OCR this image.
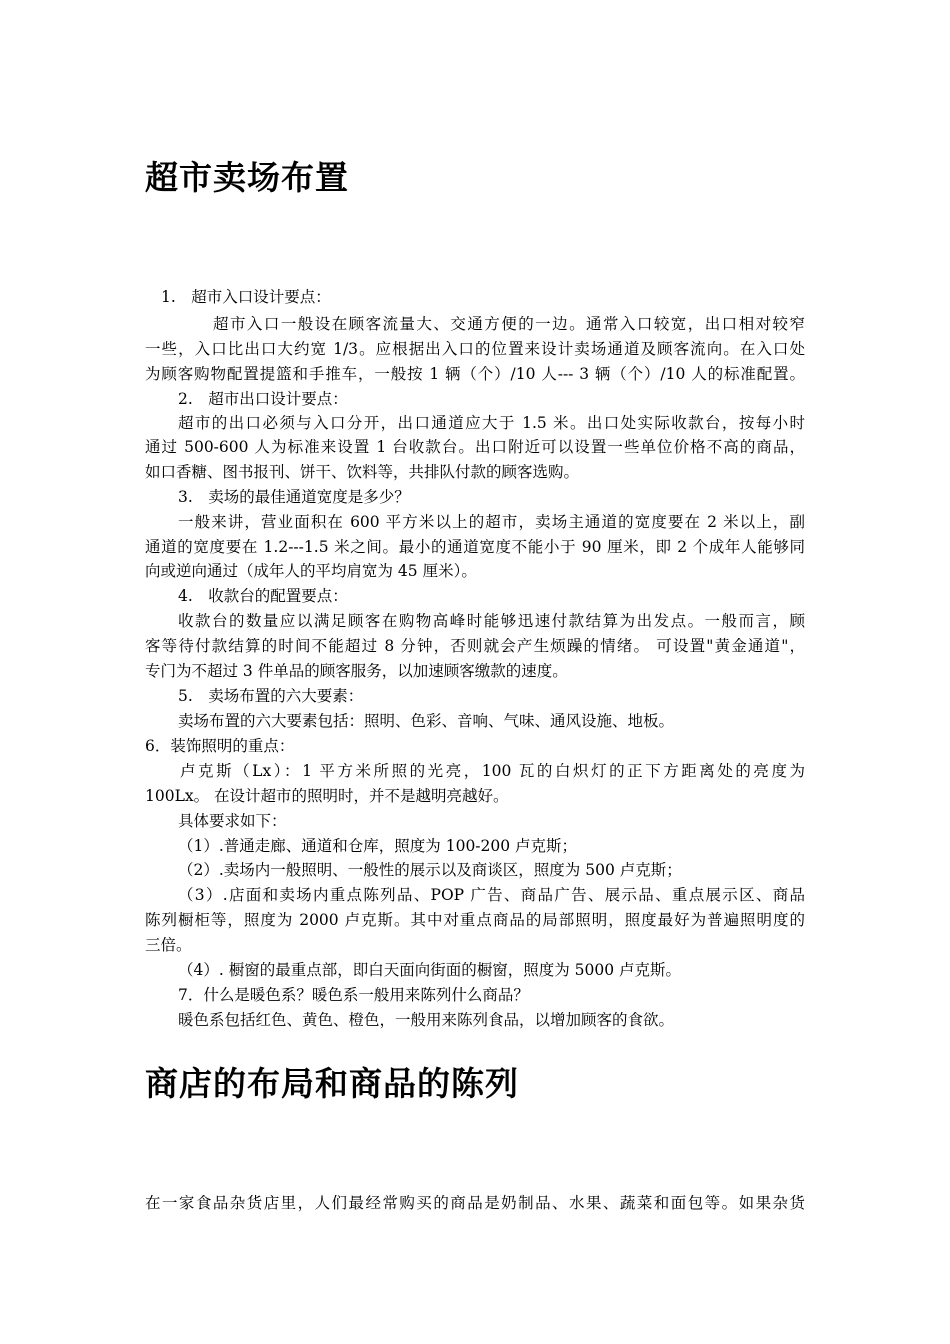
超市卖场布置

1.　超市入口设计要点：

超市入口一般设在顾客流量大、交通方便的一边。通常入口较宽，出口相对较窄

一些，入口比出口大约宽 1/3。应根据出入口的位置来设计卖场通道及顾客流向。在入口处

为顾客购物配置提篮和手推车，一般按 1 辆（个）/10 人--- 3 辆（个）/10 人的标准配置。

2.　超市出口设计要点：

超市的出口必须与入口分开，出口通道应大于 1.5 米。出口处实际收款台，按每小时

通过 500-600 人为标准来设置 1 台收款台。出口附近可以设置一些单位价格不高的商品，

如口香糖、图书报刊、饼干、饮料等，共排队付款的顾客选购。

3.　卖场的最佳通道宽度是多少？

一般来讲，营业面积在 600 平方米以上的超市，卖场主通道的宽度要在 2 米以上，副

通道的宽度要在 1.2---1.5 米之间。最小的通道宽度不能小于 90 厘米，即 2 个成年人能够同

向或逆向通过（成年人的平均肩宽为 45 厘米）。

4.　收款台的配置要点：

收款台的数量应以满足顾客在购物高峰时能够迅速付款结算为出发点。一般而言，顾

客等待付款结算的时间不能超过 8 分钟，否则就会产生烦躁的情绪。 可设置"黄金通道"，

专门为不超过 3 件单品的顾客服务，以加速顾客缴款的速度。

5.　卖场布置的六大要素：

卖场布置的六大要素包括：照明、色彩、音响、气味、通风设施、地板。

6．装饰照明的重点：

卢克斯（Lx）：1 平方米所照的光亮，100 瓦的白炽灯的正下方距离处的亮度为

100Lx。 在设计超市的照明时，并不是越明亮越好。

具体要求如下：

（1）.普通走廊、通道和仓库，照度为 100-200 卢克斯；

（2）.卖场内一般照明、一般性的展示以及商谈区，照度为 500 卢克斯；

（3）.店面和卖场内重点陈列品、POP 广告、商品广告、展示品、重点展示区、商品

陈列橱柜等，照度为 2000 卢克斯。其中对重点商品的局部照明，照度最好为普遍照明度的

三倍。

（4）. 橱窗的最重点部，即白天面向街面的橱窗，照度为 5000 卢克斯。

7．什么是暖色系？暖色系一般用来陈列什么商品？

暖色系包括红色、黄色、橙色，一般用来陈列食品，以增加顾客的食欲。

商店的布局和商品的陈列

在一家食品杂货店里，人们最经常购买的商品是奶制品、水果、蔬菜和面包等。如果杂货
